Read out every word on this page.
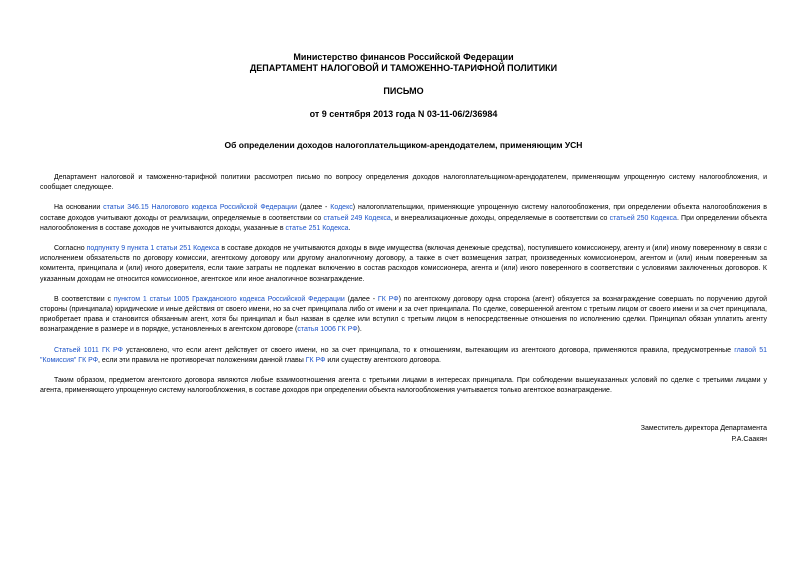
Министерство финансов Российской Федерации
ДЕПАРТАМЕНТ НАЛОГОВОЙ И ТАМОЖЕННО-ТАРИФНОЙ ПОЛИТИКИ
ПИСЬМО
от 9 сентября 2013 года N 03-11-06/2/36984
Об определении доходов налогоплательщиком-арендодателем, применяющим УСН

Департамент налоговой и таможенно-тарифной политики рассмотрел письмо по вопросу определения доходов налогоплательщиком-арендодателем, применяющим упрощенную систему налогообложения, и сообщает следующее.

На основании статьи 346.15 Налогового кодекса Российской Федерации (далее - Кодекс) налогоплательщики, применяющие упрощенную систему налогообложения, при определении объекта налогообложения в составе доходов учитывают доходы от реализации, определяемые в соответствии со статьей 249 Кодекса, и внереализационные доходы, определяемые в соответствии со статьей 250 Кодекса. При определении объекта налогообложения в составе доходов не учитываются доходы, указанные в статье 251 Кодекса.

Согласно подпункту 9 пункта 1 статьи 251 Кодекса в составе доходов не учитываются доходы в виде имущества (включая денежные средства), поступившего комиссионеру, агенту и (или) иному поверенному в связи с исполнением обязательств по договору комиссии, агентскому договору или другому аналогичному договору, а также в счет возмещения затрат, произведенных комиссионером, агентом и (или) иным поверенным за комитента, принципала и (или) иного доверителя, если такие затраты не подлежат включению в состав расходов комиссионера, агента и (или) иного поверенного в соответствии с условиями заключенных договоров. К указанным доходам не относится комиссионное, агентское или иное аналогичное вознаграждение.

В соответствии с пунктом 1 статьи 1005 Гражданского кодекса Российской Федерации (далее - ГК РФ) по агентскому договору одна сторона (агент) обязуется за вознаграждение совершать по поручению другой стороны (принципала) юридические и иные действия от своего имени, но за счет принципала либо от имени и за счет принципала. По сделке, совершенной агентом с третьим лицом от своего имени и за счет принципала, приобретает права и становится обязанным агент, хотя бы принципал и был назван в сделке или вступил с третьим лицом в непосредственные отношения по исполнению сделки. Принципал обязан уплатить агенту вознаграждение в размере и в порядке, установленных в агентском договоре (статья 1006 ГК РФ).

Статьей 1011 ГК РФ установлено, что если агент действует от своего имени, но за счет принципала, то к отношениям, вытекающим из агентского договора, применяются правила, предусмотренные главой 51 "Комиссия" ГК РФ, если эти правила не противоречат положениям данной главы ГК РФ или существу агентского договора.

Таким образом, предметом агентского договора являются любые взаимоотношения агента с третьими лицами в интересах принципала. При соблюдении вышеуказанных условий по сделке с третьими лицами у агента, применяющего упрощенную систему налогообложения, в составе доходов при определении объекта налогообложения учитывается только агентское вознаграждение.

Заместитель директора Департамента
Р.А.Саакян
